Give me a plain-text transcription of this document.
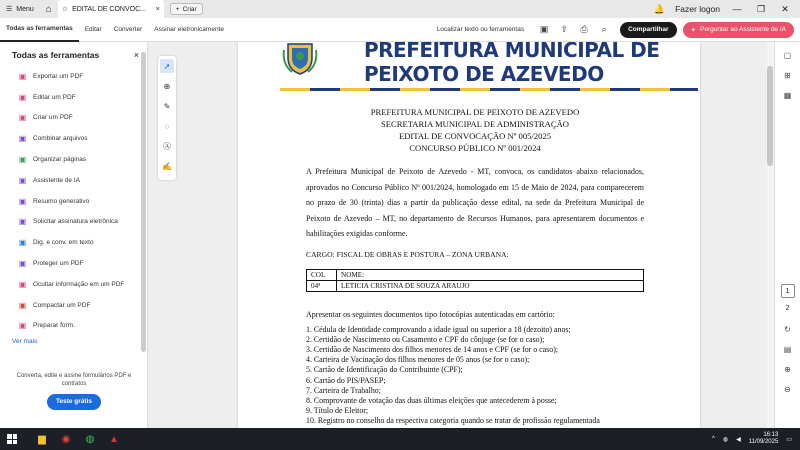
☰ Menu	⌂	☆ EDITAL DE CONVOC...	× + Criar	🔔 Fazer logon —	❐	✕
Todas as ferramentas	Editar	Converter	Assinar eletronicamente	Localizar texto ou ferramentas	▣	⇪	⎙	⌕	Compartilhar	✦ Perguntar ao Assistente de IA
Todas as ferramentas	×
▣ Exportar um PDF
▣ Editar um PDF
▣ Criar um PDF
▣ Combinar arquivos
▣ Organizar páginas
▣ Assistente de IA
▣ Resumo generativo
▣ Solicitar assinatura eletrônica
▣ Dig. e conv. em texto
▣ Proteger um PDF
▣ Ocultar informação em um PDF
▣ Compactar um PDF
▣ Preparar form.
Ver mais
Converta, edite e assine formulários PDF e contratos
Teste grátis
PREFEITURA MUNICIPAL DE
PEIXOTO DE AZEVEDO
PREFEITURA MUNICIPAL DE PEIXOTO DE AZEVEDO
SECRETARIA MUNICIPAL DE ADMINISTRAÇÃO
EDITAL DE CONVOCAÇÃO Nº 005/2025
CONCURSO PÚBLICO Nº 001/2024
A Prefeitura Municipal de Peixoto de Azevedo - MT, convoca, os candidatos abaixo relacionados, aprovados no Concurso Público Nº 001/2024, homologado em 15 de Maio de 2024, para comparecerem no prazo de 30 (trinta) dias a partir da publicação desse edital, na sede da Prefeitura Municipal de Peixoto de Azevedo – MT, no departamento de Recursos Humanos, para apresentarem documentos e habilitações exigidas conforme.
CARGO: FISCAL DE OBRAS E POSTURA – ZONA URBANA:
COL	NOME:
04ª	LETICIA CRISTINA DE SOUZA ARAUJO
Apresentar os seguintes documentos tipo fotocópias autenticadas em cartório:
1. Cédula de Identidade comprovando a idade igual ou superior a 18 (dezoito) anos;
2. Certidão de Nascimento ou Casamento e CPF do cônjuge (se for o caso);
3. Certidão de Nascimento dos filhos menores de 14 anos e CPF (se for o caso);
4. Carteira de Vacinação dos filhos menores de 05 anos (se for o caso);
5. Cartão de Identificação do Contribuinte (CPF);
6. Cartão do PIS/PASEP;
7. Carteira de Trabalho;
8. Comprovante de votação das duas últimas eleições que antecederem à posse;
9. Título de Eleitor;
10. Registro no conselho da respectiva categoria quando se tratar de profissão regulamentada
➚
⊕
✎
◌
Ⓐ
✍
▢
⊞
▦
1
2
↻
▤
⊕
⊖
▆ ◉ ◍ ▲	^ ◍ ◀
16:13
11/09/2025 ▭
